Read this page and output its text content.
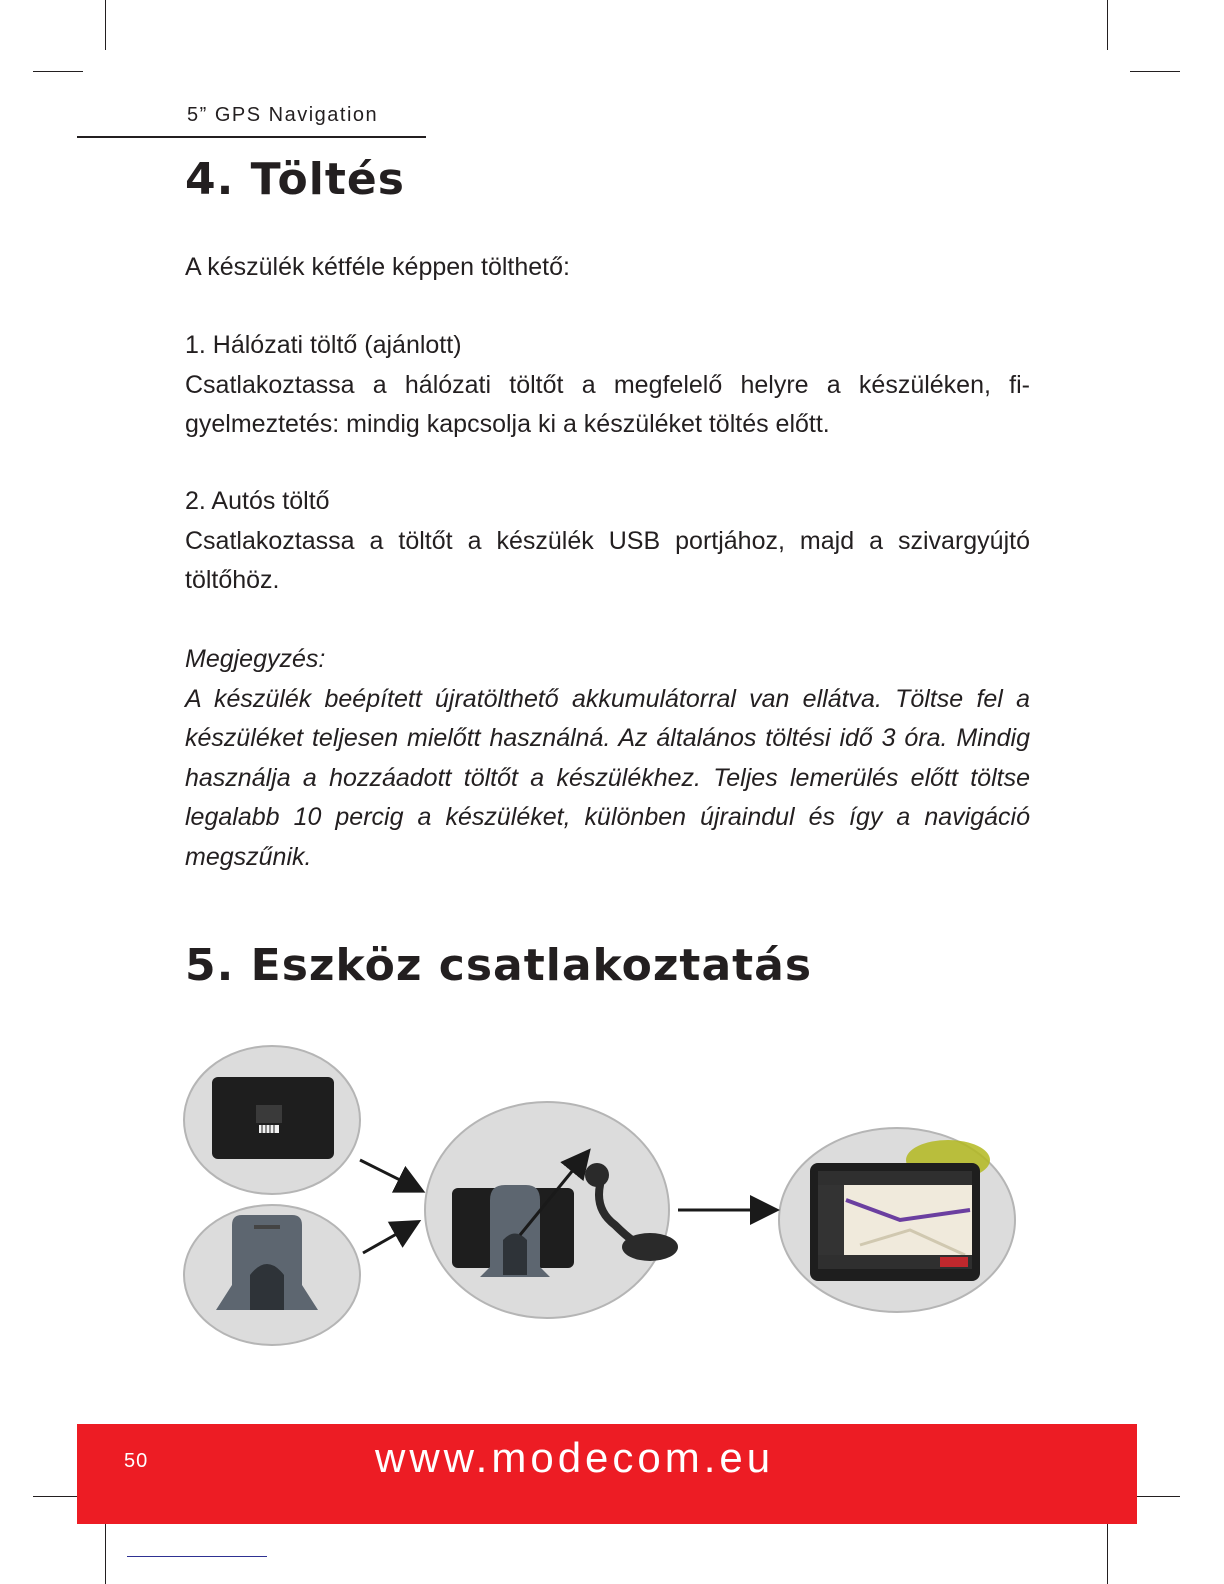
5” GPS Navigation
4. Töltés
A készülék kétféle képpen tölthető:
1. Hálózati töltő (ajánlott)
Csatlakoztassa a hálózati töltőt a megfelelő helyre a készüléken, fi-gyelmeztetés: mindig kapcsolja ki a készüléket töltés előtt.
2. Autós töltő
Csatlakoztassa a töltőt a készülék USB portjához, majd a szivargyújtó töltőhöz.
Megjegyzés:
A készülék beépített újratölthető akkumulátorral van ellátva. Töltse fel a készüléket teljesen mielőtt használná. Az általános töltési idő 3 óra. Mindig használja a hozzáadott töltőt a készülékhez. Teljes lemerülés előtt töltse legalabb 10 percig a készüléket, különben újraindul és így a navigáció megszűnik.
5. Eszköz csatlakoztatás
50	www.modecom.eu
